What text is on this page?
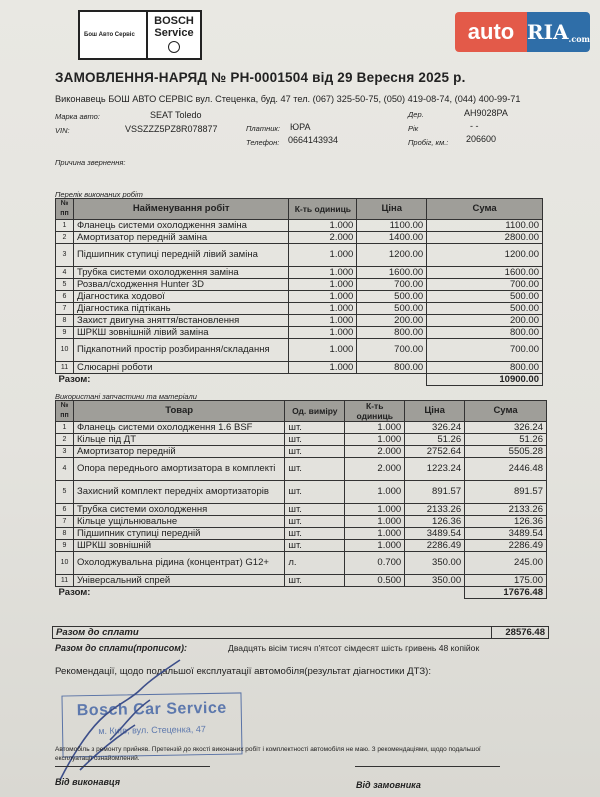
Бош Авто Сервіс
BOSCH
Service	auto RIA .com
ЗАМОВЛЕННЯ-НАРЯД № РН-0001504 від 29 Вересня 2025 р.
Виконавець БОШ АВТО СЕРВІС вул. Стеценка, буд. 47 тел. (067) 325-50-75, (050) 419-08-74, (044) 400-99-71
Марка авто:	SEAT Toledo
VIN:	VSSZZZ5PZ8R078877	Платник: ЮРА
Телефон: 0664143934
Дер.	АН9028РА
Рік	- -
Пробіг, км.: 206600
Причина звернення:
Перелік виконаних робіт
№ пп	Найменування робіт	К-ть одиниць	Ціна	Сума
1	Фланець системи охолодження заміна	1.000	1100.00	1100.00
2	Амортизатор передній заміна	2.000	1400.00	2800.00
3	Підшипник ступиці передній лівий заміна	1.000	1200.00	1200.00
4	Трубка системи охолодження заміна	1.000	1600.00	1600.00
5	Розвал/сходження Hunter 3D	1.000	700.00	700.00
6	Діагностика ходової	1.000	500.00	500.00
7	Діагностика підтікань	1.000	500.00	500.00
8	Захист двигуна зняття/встановлення	1.000	200.00	200.00
9	ШРКШ зовнішній лівий заміна	1.000	800.00	800.00
10	Підкапотний простір розбирання/складання	1.000	700.00	700.00
11	Слюсарні роботи	1.000	800.00	800.00
Разом:				10900.00
Використані запчастини та матеріали
№ пп	Товар	Од. виміру	К-ть одиниць	Ціна	Сума
1	Фланець системи охолодження 1.6 BSF	шт.	1.000	326.24	326.24
2	Кільце під ДТ	шт.	1.000	51.26	51.26
3	Амортизатор передній	шт.	2.000	2752.64	5505.28
4	Опора переднього амортизатора в комплекті	шт.	2.000	1223.24	2446.48
5	Захисний комплект передніх амортизаторів	шт.	1.000	891.57	891.57
6	Трубка системи охолодження	шт.	1.000	2133.26	2133.26
7	Кільце ущільнювальне	шт.	1.000	126.36	126.36
8	Підшипник ступиці передній	шт.	1.000	3489.54	3489.54
9	ШРКШ зовнішній	шт.	1.000	2286.49	2286.49
10	Охолоджувальна рідина (концентрат) G12+	л.	0.700	350.00	245.00
11	Універсальний спрей	шт.	0.500	350.00	175.00
Разом:					17676.48
Разом до сплати	28576.48
Разом до сплати(прописом):	Двадцять вісім тисяч п'ятсот сімдесят шість гривень 48 копійок
Рекомендації, щодо подальшої експлуатації автомобіля(результат діагностики ДТЗ):
Bosch Car Service
м. Київ, вул. Стеценка, 47
Автомобіль з ремонту прийняв. Претензій до якості виконаних робіт і комплектності автомобіля не маю. З рекомендаціями, щодо подальшої
експлуатації ознайомлений.
Від виконавця	Від замовника
